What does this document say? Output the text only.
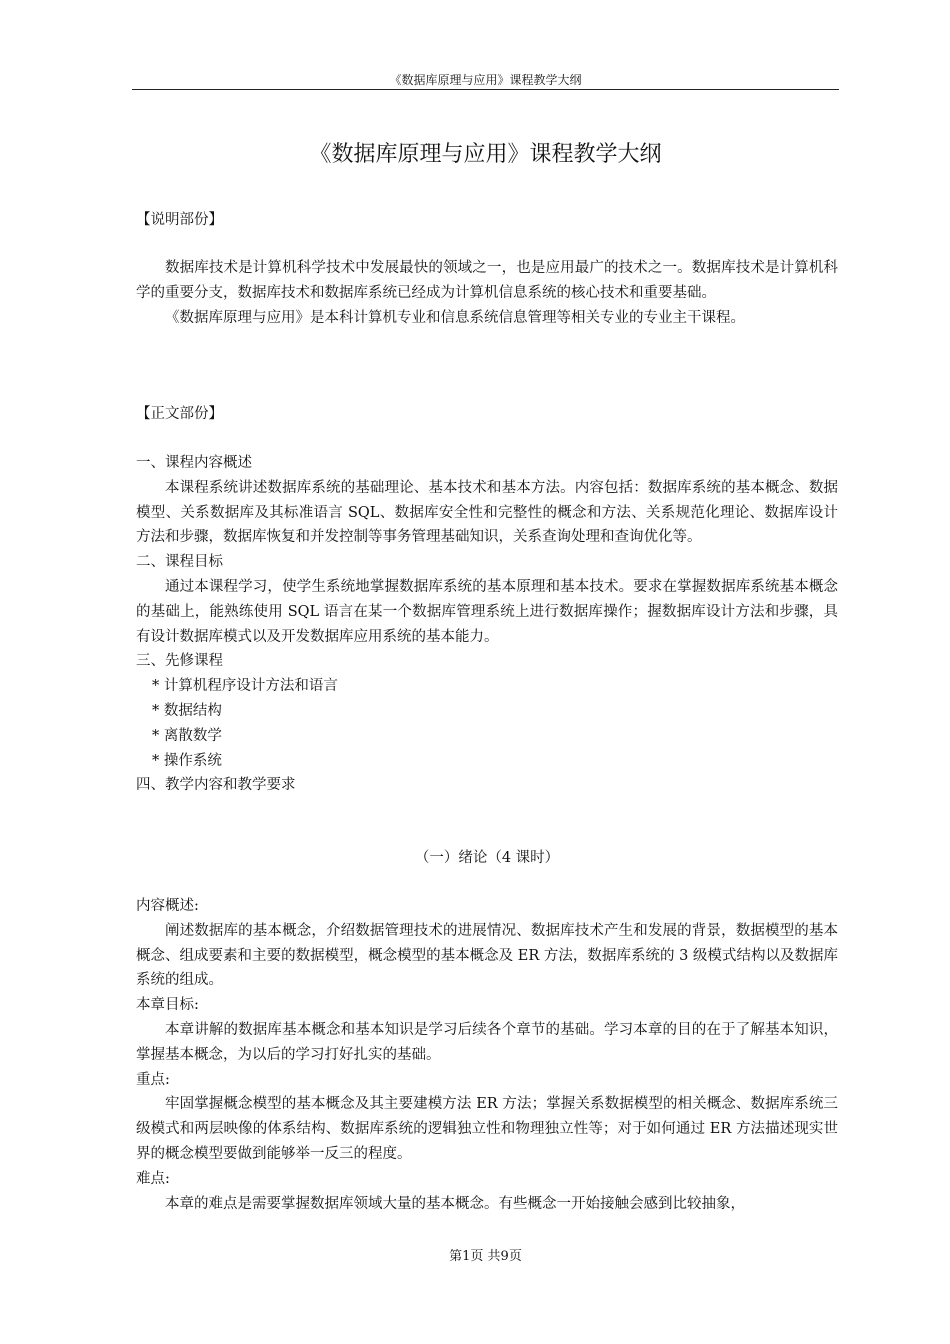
《数据库原理与应用》课程教学大纲
《数据库原理与应用》课程教学大纲

【说明部份】

数据库技术是计算机科学技术中发展最快的领域之一，也是应用最广的技术之一。数据库技术是计算机科学的重要分支，数据库技术和数据库系统已经成为计算机信息系统的核心技术和重要基础。

《数据库原理与应用》是本科计算机专业和信息系统信息管理等相关专业的专业主干课程。

【正文部份】

一、课程内容概述

本课程系统讲述数据库系统的基础理论、基本技术和基本方法。内容包括：数据库系统的基本概念、数据模型、关系数据库及其标准语言 SQL、数据库安全性和完整性的概念和方法、关系规范化理论、数据库设计方法和步骤，数据库恢复和并发控制等事务管理基础知识，关系查询处理和查询优化等。

二、课程目标

通过本课程学习，使学生系统地掌握数据库系统的基本原理和基本技术。要求在掌握数据库系统基本概念的基础上，能熟练使用 SQL 语言在某一个数据库管理系统上进行数据库操作；握数据库设计方法和步骤，具有设计数据库模式以及开发数据库应用系统的基本能力。

三、先修课程

* 计算机程序设计方法和语言

* 数据结构

* 离散数学

* 操作系统

四、教学内容和教学要求

（一）绪论（4 课时）

内容概述:

阐述数据库的基本概念，介绍数据管理技术的进展情况、数据库技术产生和发展的背景，数据模型的基本概念、组成要素和主要的数据模型，概念模型的基本概念及 ER 方法，数据库系统的 3 级模式结构以及数据库系统的组成。

本章目标:

本章讲解的数据库基本概念和基本知识是学习后续各个章节的基础。学习本章的目的在于了解基本知识，掌握基本概念，为以后的学习打好扎实的基础。

重点:

牢固掌握概念模型的基本概念及其主要建模方法 ER 方法；掌握关系数据模型的相关概念、数据库系统三级模式和两层映像的体系结构、数据库系统的逻辑独立性和物理独立性等；对于如何通过 ER 方法描述现实世界的概念模型要做到能够举一反三的程度。

难点:

本章的难点是需要掌握数据库领域大量的基本概念。有些概念一开始接触会感到比较抽象，

第1页 共9页
